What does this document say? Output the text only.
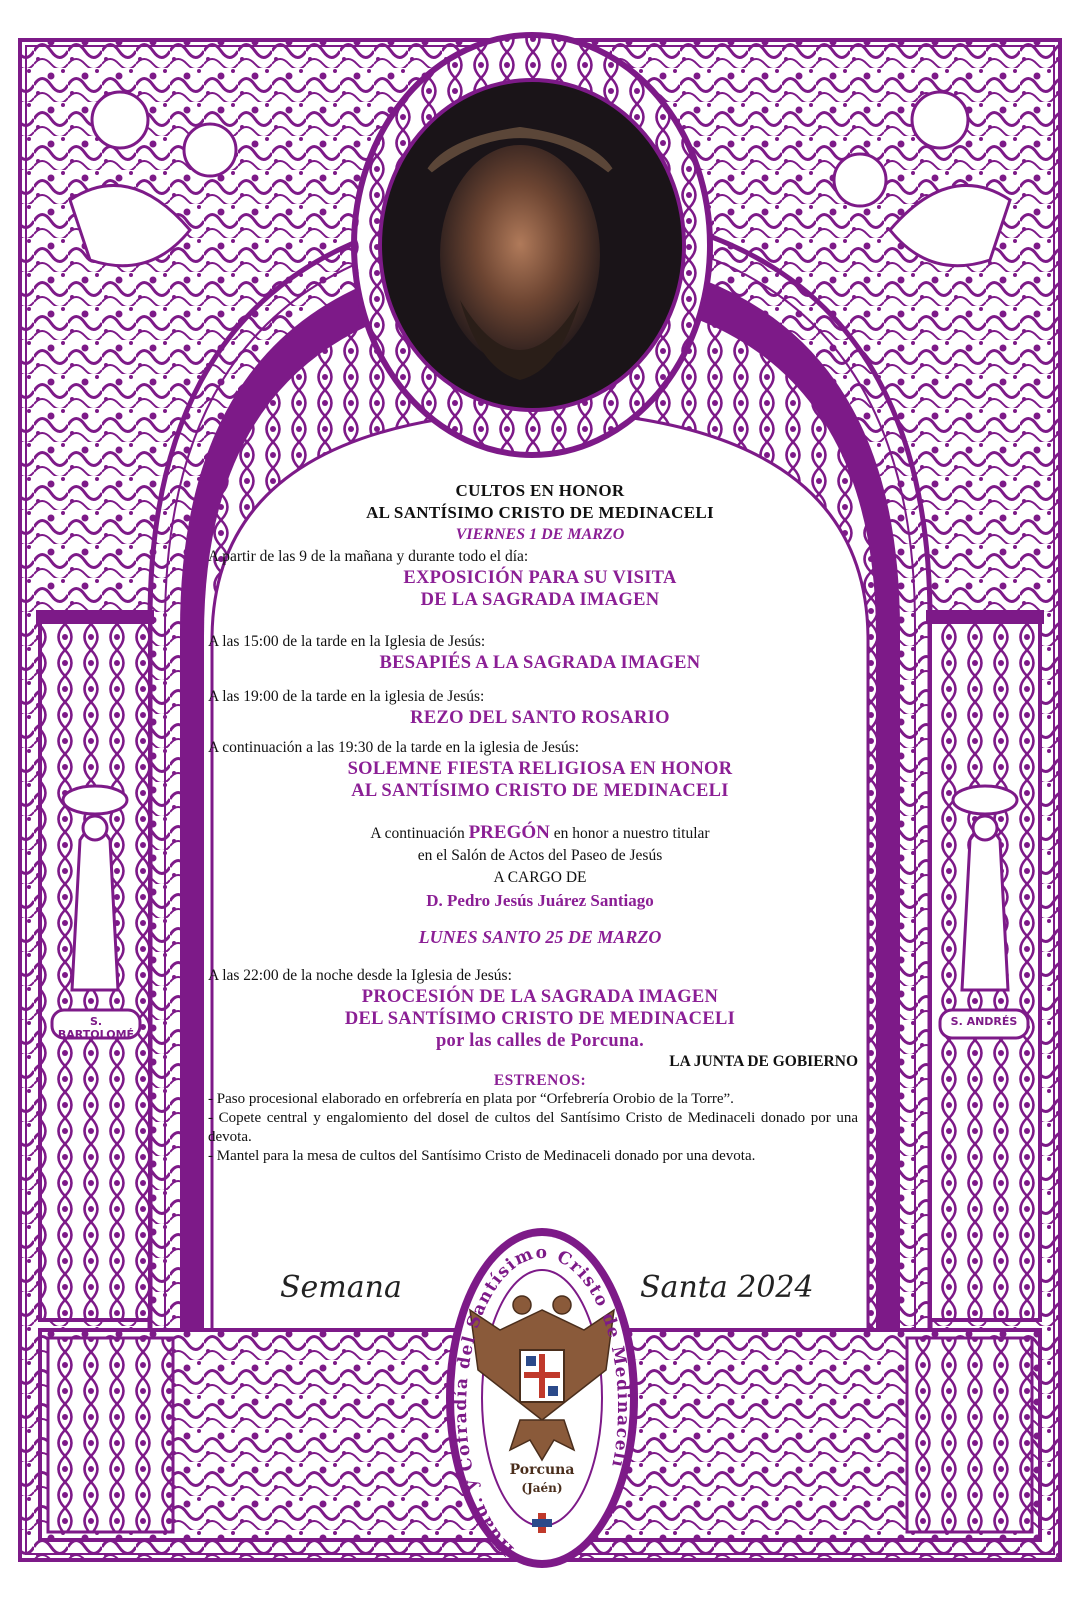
S. BARTOLOMÉ
S. ANDRÉS
CULTOS EN HONOR
AL SANTÍSIMO CRISTO DE MEDINACELI
VIERNES 1 DE MARZO
A partir de las 9 de la mañana y durante todo el día:
EXPOSICIÓN PARA SU VISITA
DE LA SAGRADA IMAGEN
A las 15:00 de la tarde en la Iglesia de Jesús:
BESAPIÉS A LA SAGRADA IMAGEN
A las 19:00 de la tarde en la iglesia de Jesús:
REZO DEL SANTO ROSARIO
A continuación a las 19:30 de la tarde en la iglesia de Jesús:
SOLEMNE FIESTA RELIGIOSA EN HONOR
AL SANTÍSIMO CRISTO DE MEDINACELI
A continuación PREGÓN en honor a nuestro titular
en el Salón de Actos del Paseo de Jesús
A CARGO DE
D. Pedro Jesús Juárez Santiago
LUNES SANTO 25 DE MARZO
A las 22:00 de la noche desde la Iglesia de Jesús:
PROCESIÓN DE LA SAGRADA IMAGEN
DEL SANTÍSIMO CRISTO DE MEDINACELI
por las calles de Porcuna.
LA JUNTA DE GOBIERNO
ESTRENOS:
- Paso procesional elaborado en orfebrería en plata por “Orfebrería Orobio de la Torre”.
- Copete central y engalomiento del dosel de cultos del Santísimo Cristo de Medinaceli donado por una devota.
- Mantel para la mesa de cultos del Santísimo Cristo de Medinaceli donado por una devota.
Semana	Santa 2024
Hdad. y Cofradía del Santísimo Cristo de Medinaceli
Porcuna
(Jaén)
